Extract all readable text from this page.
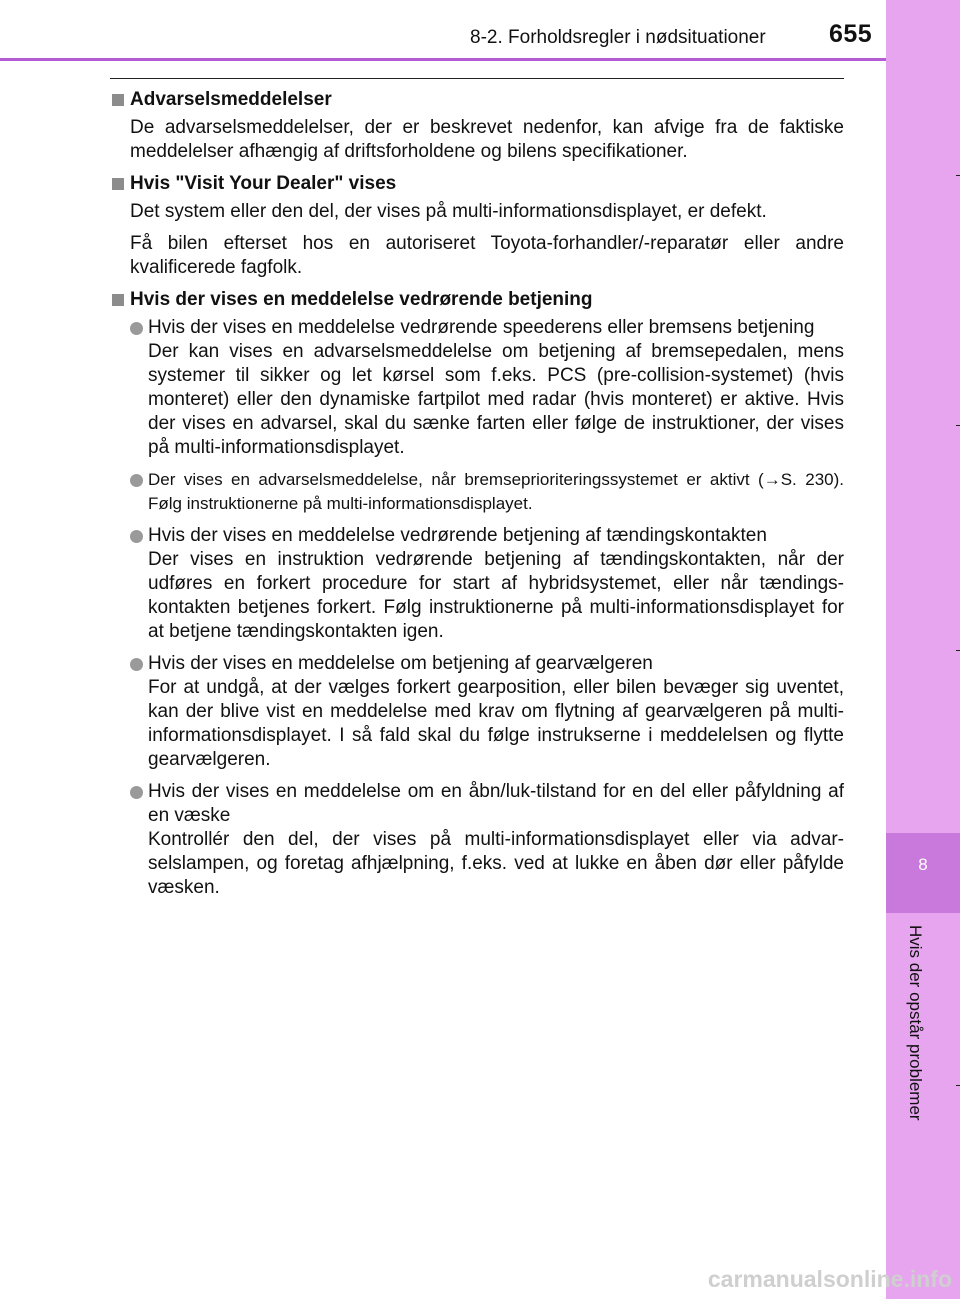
8-2. Forholdsregler i nødsituationer	655
8
Hvis der opstår problemer
Advarselsmeddelelser
De advarselsmeddelelser, der er beskrevet nedenfor, kan afvige fra de faktiske meddelelser afhængig af driftsforholdene og bilens specifikationer.
Hvis "Visit Your Dealer" vises
Det system eller den del, der vises på multi-informationsdisplayet, er defekt.
Få bilen efterset hos en autoriseret Toyota-forhandler/-reparatør eller andre kvalificerede fagfolk.
Hvis der vises en meddelelse vedrørende betjening
Hvis der vises en meddelelse vedrørende speederens eller bremsens betjening
Der kan vises en advarselsmeddelelse om betjening af bremsepedalen, mens systemer til sikker og let kørsel som f.eks. PCS (pre-collision-systemet) (hvis monteret) eller den dynamiske fartpilot med radar (hvis monteret) er aktive. Hvis der vises en advarsel, skal du sænke farten eller følge de instruktioner, der vises på multi-informationsdisplayet.
Der vises en advarselsmeddelelse, når bremseprioriteringssystemet er aktivt (→S. 230). Følg instruktionerne på multi-informationsdisplayet.
Hvis der vises en meddelelse vedrørende betjening af tændingskontakten
Der vises en instruktion vedrørende betjening af tændingskontakten, når der udføres en forkert procedure for start af hybridsystemet, eller når tændingskontakten betjenes forkert. Følg instruktionerne på multi-informationsdisplayet for at betjene tændingskontakten igen.
Hvis der vises en meddelelse om betjening af gearvælgeren
For at undgå, at der vælges forkert gearposition, eller bilen bevæger sig uventet, kan der blive vist en meddelelse med krav om flytning af gearvælgeren på multi-informationsdisplayet. I så fald skal du følge instrukserne i meddelelsen og flytte gearvælgeren.
Hvis der vises en meddelelse om en åbn/luk-tilstand for en del eller påfyldning af en væske
Kontrollér den del, der vises på multi-informationsdisplayet eller via advarselslampen, og foretag afhjælpning, f.eks. ved at lukke en åben dør eller påfylde væsken.
carmanualsonline.info
